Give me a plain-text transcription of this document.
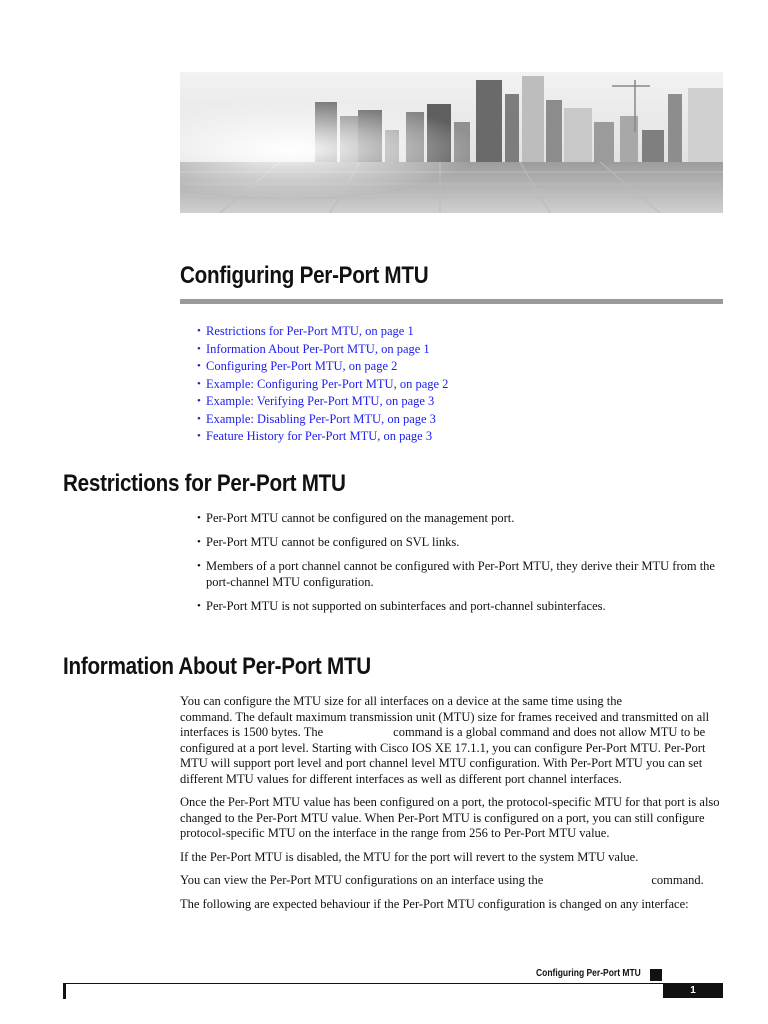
Configuring Per-Port MTU
• Restrictions for Per-Port MTU, on page 1
• Information About Per-Port MTU, on page 1
• Configuring Per-Port MTU, on page 2
• Example: Configuring Per-Port MTU, on page 2
• Example: Verifying Per-Port MTU, on page 3
• Example: Disabling Per-Port MTU, on page 3
• Feature History for Per-Port MTU, on page 3
Restrictions for Per-Port MTU
• Per-Port MTU cannot be configured on the management port.
• Per-Port MTU cannot be configured on SVL links.
• Members of a port channel cannot be configured with Per-Port MTU, they derive their MTU from the port-channel MTU configuration.
• Per-Port MTU is not supported on subinterfaces and port-channel subinterfaces.
Information About Per-Port MTU

You can configure the MTU size for all interfaces on a device at the same time using thecommand. The default maximum transmission unit (MTU) size for frames received and transmitted on all interfaces is 1500 bytes. The	command is a global command and does not allow MTU to be configured at a port level. Starting with Cisco IOS XE 17.1.1, you can configure Per-Port MTU. Per-Port MTU will support port level and port channel level MTU configuration. With Per-Port MTU you can set different MTU values for different interfaces as well as different port channel interfaces.

Once the Per-Port MTU value has been configured on a port, the protocol-specific MTU for that port is also changed to the Per-Port MTU value. When Per-Port MTU is configured on a port, you can still configure protocol-specific MTU on the interface in the range from 256 to Per-Port MTU value.

If the Per-Port MTU is disabled, the MTU for the port will revert to the system MTU value.

You can view the Per-Port MTU configurations on an interface using the	command.

The following are expected behaviour if the Per-Port MTU configuration is changed on any interface:

Configuring Per-Port MTU
1
